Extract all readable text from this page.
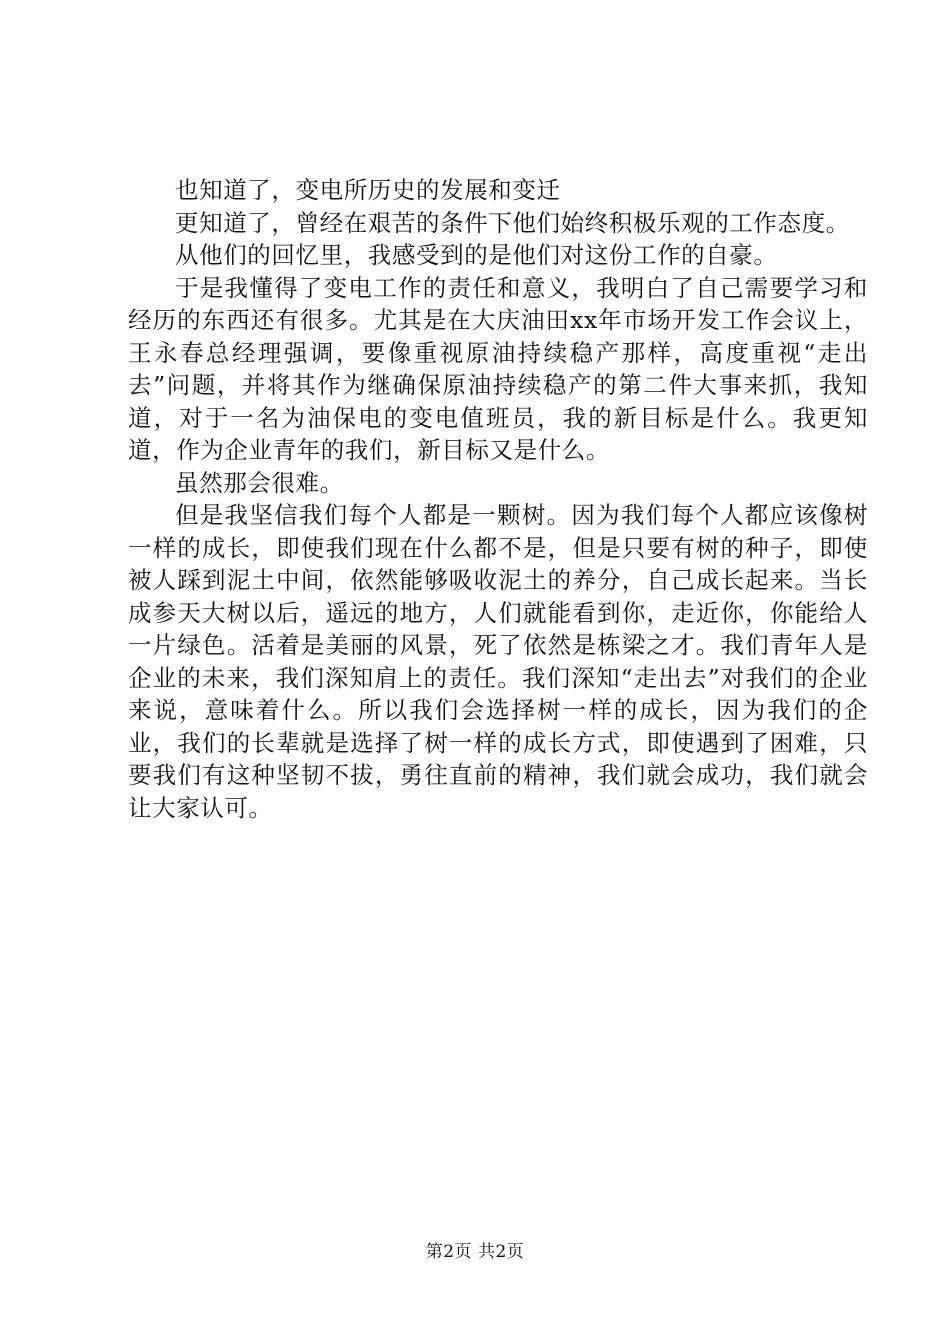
也知道了，变电所历史的发展和变迁

更知道了，曾经在艰苦的条件下他们始终积极乐观的工作态度。

从他们的回忆里，我感受到的是他们对这份工作的自豪。

于是我懂得了变电工作的责任和意义，我明白了自己需要学习和经历的东西还有很多。尤其是在大庆油田xx年市场开发工作会议上，王永春总经理强调，要像重视原油持续稳产那样，高度重视“走出去”问题，并将其作为继确保原油持续稳产的第二件大事来抓，我知道，对于一名为油保电的变电值班员，我的新目标是什么。我更知道，作为企业青年的我们，新目标又是什么。

虽然那会很难。

但是我坚信我们每个人都是一颗树。因为我们每个人都应该像树一样的成长，即使我们现在什么都不是，但是只要有树的种子，即使被人踩到泥土中间，依然能够吸收泥土的养分，自己成长起来。当长成参天大树以后，遥远的地方，人们就能看到你，走近你，你能给人一片绿色。活着是美丽的风景，死了依然是栋梁之才。我们青年人是企业的未来，我们深知肩上的责任。我们深知“走出去”对我们的企业来说，意味着什么。所以我们会选择树一样的成长，因为我们的企业，我们的长辈就是选择了树一样的成长方式，即使遇到了困难，只要我们有这种坚韧不拔，勇往直前的精神，我们就会成功，我们就会让大家认可。

第2页 共2页
